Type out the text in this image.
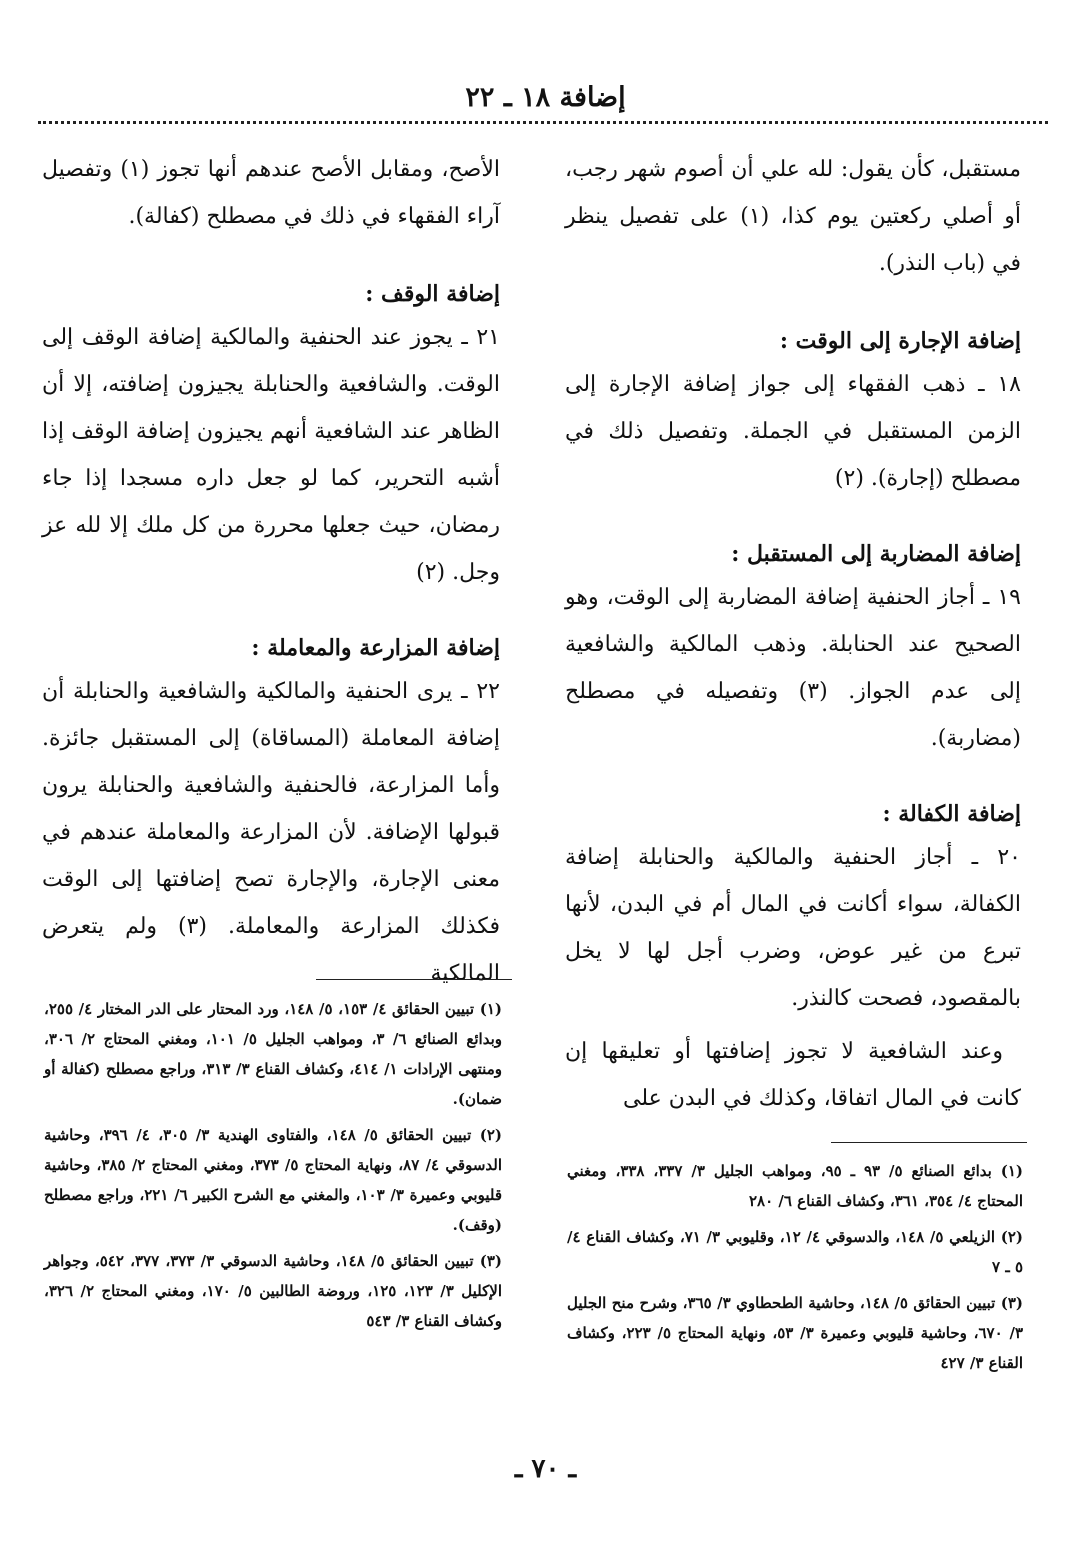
إضافة ١٨ ـ ٢٢

مستقبل، كأن يقول: لله علي أن أصوم شهر رجب، أو أصلي ركعتين يوم كذا، (١) على تفصيل ينظر في (باب النذر).

إضافة الإجارة إلى الوقت :

١٨ ـ ذهب الفقهاء إلى جواز إضافة الإجارة إلى الزمن المستقبل في الجملة. وتفصيل ذلك في مصطلح (إجارة). (٢)

إضافة المضاربة إلى المستقبل :

١٩ ـ أجاز الحنفية إضافة المضاربة إلى الوقت، وهو الصحيح عند الحنابلة. وذهب المالكية والشافعية إلى عدم الجواز. (٣) وتفصيله في مصطلح (مضاربة).

إضافة الكفالة :

٢٠ ـ أجاز الحنفية والمالكية والحنابلة إضافة الكفالة، سواء أكانت في المال أم في البدن، لأنها تبرع من غير عوض، وضرب أجل لها لا يخل بالمقصود، فصحت كالنذر.

وعند الشافعية لا تجوز إضافتها أو تعليقها إن كانت في المال اتفاقا، وكذلك في البدن على

الأصح، ومقابل الأصح عندهم أنها تجوز (١) وتفصيل آراء الفقهاء في ذلك في مصطلح (كفالة).

إضافة الوقف :

٢١ ـ يجوز عند الحنفية والمالكية إضافة الوقف إلى الوقت. والشافعية والحنابلة يجيزون إضافته، إلا أن الظاهر عند الشافعية أنهم يجيزون إضافة الوقف إذا أشبه التحرير، كما لو جعل داره مسجدا إذا جاء رمضان، حيث جعلها محررة من كل ملك إلا لله عز وجل. (٢)

إضافة المزارعة والمعاملة :

٢٢ ـ يرى الحنفية والمالكية والشافعية والحنابلة أن إضافة المعاملة (المساقاة) إلى المستقبل جائزة. وأما المزارعة، فالحنفية والشافعية والحنابلة يرون قبولها الإضافة. لأن المزارعة والمعاملة عندهم في معنى الإجارة، والإجارة تصح إضافتها إلى الوقت فكذلك المزارعة والمعاملة. (٣) ولم يتعرض المالكية

(١) بدائع الصنائع ٥/ ٩٣ ـ ٩٥، ومواهب الجليل ٣/ ٣٣٧، ٣٣٨، ومغني المحتاج ٤/ ٣٥٤، ٣٦١، وكشاف القناع ٦/ ٢٨٠

(٢) الزيلعي ٥/ ١٤٨، والدسوقي ٤/ ١٢، وقليوبي ٣/ ٧١، وكشاف القناع ٤/ ٥ ـ ٧

(٣) تبيين الحقائق ٥/ ١٤٨، وحاشية الطحطاوي ٣/ ٣٦٥، وشرح منح الجليل ٣/ ٦٧٠، وحاشية قليوبي وعميرة ٣/ ٥٣، ونهاية المحتاج ٥/ ٢٢٣، وكشاف القناع ٣/ ٤٢٧

(١) تبيين الحقائق ٤/ ١٥٣، ٥/ ١٤٨، ورد المحتار على الدر المختار ٤/ ٢٥٥، وبدائع الصنائع ٦/ ٣، ومواهب الجليل ٥/ ١٠١، ومغني المحتاج ٢/ ٣٠٦، ومنتهى الإرادات ١/ ٤١٤، وكشاف القناع ٣/ ٣١٣، وراجع مصطلح (كفالة أو ضمان).

(٢) تبيين الحقائق ٥/ ١٤٨، والفتاوى الهندية ٣/ ٣٠٥، ٤/ ٣٩٦، وحاشية الدسوقي ٤/ ٨٧، ونهاية المحتاج ٥/ ٣٧٣، ومغني المحتاج ٢/ ٣٨٥، وحاشية قليوبي وعميرة ٣/ ١٠٣، والمغني مع الشرح الكبير ٦/ ٢٢١، وراجع مصطلح (وقف).

(٣) تبيين الحقائق ٥/ ١٤٨، وحاشية الدسوقي ٣/ ٣٧٣، ٣٧٧، ٥٤٢، وجواهر الإكليل ٣/ ١٢٣، ١٢٥، وروضة الطالبين ٥/ ١٧٠، ومغني المحتاج ٢/ ٣٢٦، وكشاف القناع ٣/ ٥٤٣

ـ ٧٠ ـ
